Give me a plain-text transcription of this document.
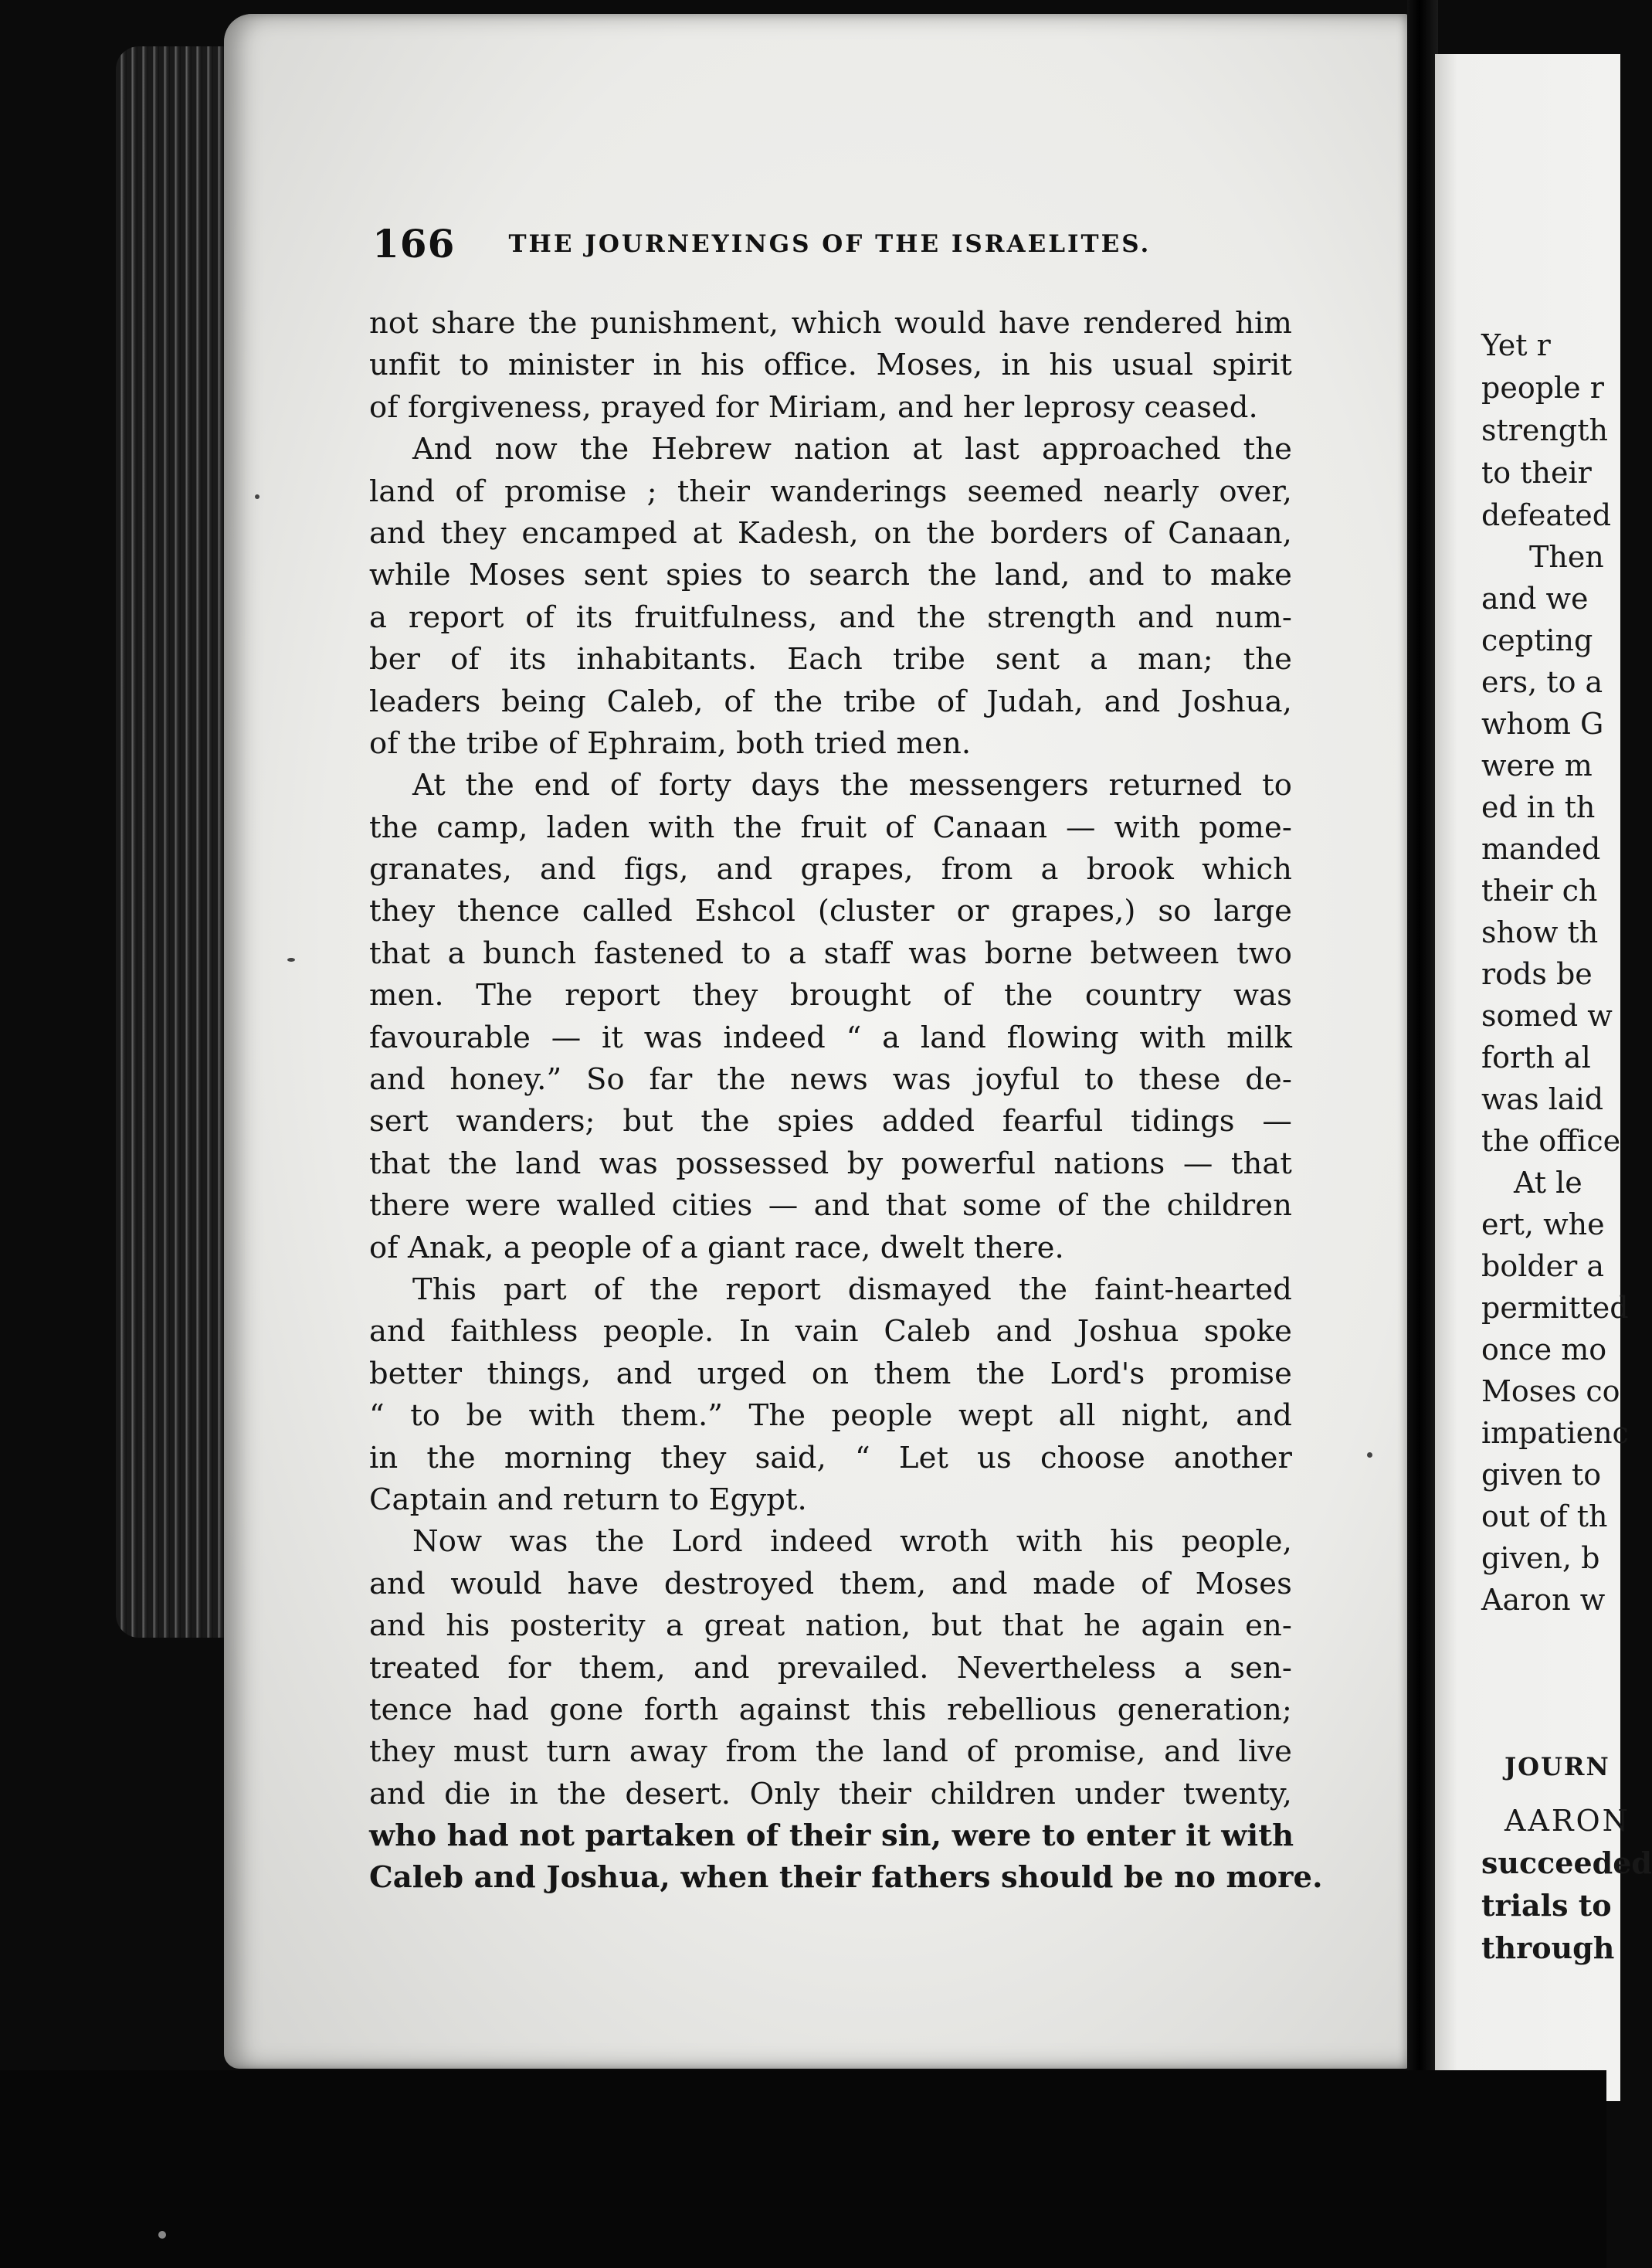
166 THE JOURNEYINGS OF THE ISRAELITES.
not share the punishment, which would have rendered him
unfit to minister in his office. Moses, in his usual spirit
of forgiveness, prayed for Miriam, and her leprosy ceased.
And now the Hebrew nation at last approached the
land of promise ; their wanderings seemed nearly over,
and they encamped at Kadesh, on the borders of Canaan,
while Moses sent spies to search the land, and to make
a report of its fruitfulness, and the strength and num-
ber of its inhabitants. Each tribe sent a man; the
leaders being Caleb, of the tribe of Judah, and Joshua,
of the tribe of Ephraim, both tried men.
At the end of forty days the messengers returned to
the camp, laden with the fruit of Canaan — with pome-
granates, and figs, and grapes, from a brook which
they thence called Eshcol (cluster or grapes,) so large
that a bunch fastened to a staff was borne between two
men. The report they brought of the country was
favourable — it was indeed “ a land flowing with milk
and honey.” So far the news was joyful to these de-
sert wanders; but the spies added fearful tidings —
that the land was possessed by powerful nations — that
there were walled cities — and that some of the children
of Anak, a people of a giant race, dwelt there.
This part of the report dismayed the faint-hearted
and faithless people. In vain Caleb and Joshua spoke
better things, and urged on them the Lord's promise
“ to be with them.” The people wept all night, and
in the morning they said, “ Let us choose another
Captain and return to Egypt.
Now was the Lord indeed wroth with his people,
and would have destroyed them, and made of Moses
and his posterity a great nation, but that he again en-
treated for them, and prevailed. Nevertheless a sen-
tence had gone forth against this rebellious generation;
they must turn away from the land of promise, and live
and die in the desert. Only their children under twenty,
who had not partaken of their sin, were to enter it with
Caleb and Joshua, when their fathers should be no more.
Yet r
people r
strength
to their
defeated
Then
and we
cepting
ers, to a
whom G
were m
ed in th
manded
their ch
show th
rods be
somed w
forth al
was laid
the office
At le
ert, whe
bolder a
permitted
once mo
Moses co
impatienc
given to
out of th
given, b
Aaron w
JOURN
AARON
succeeded
trials to
through
